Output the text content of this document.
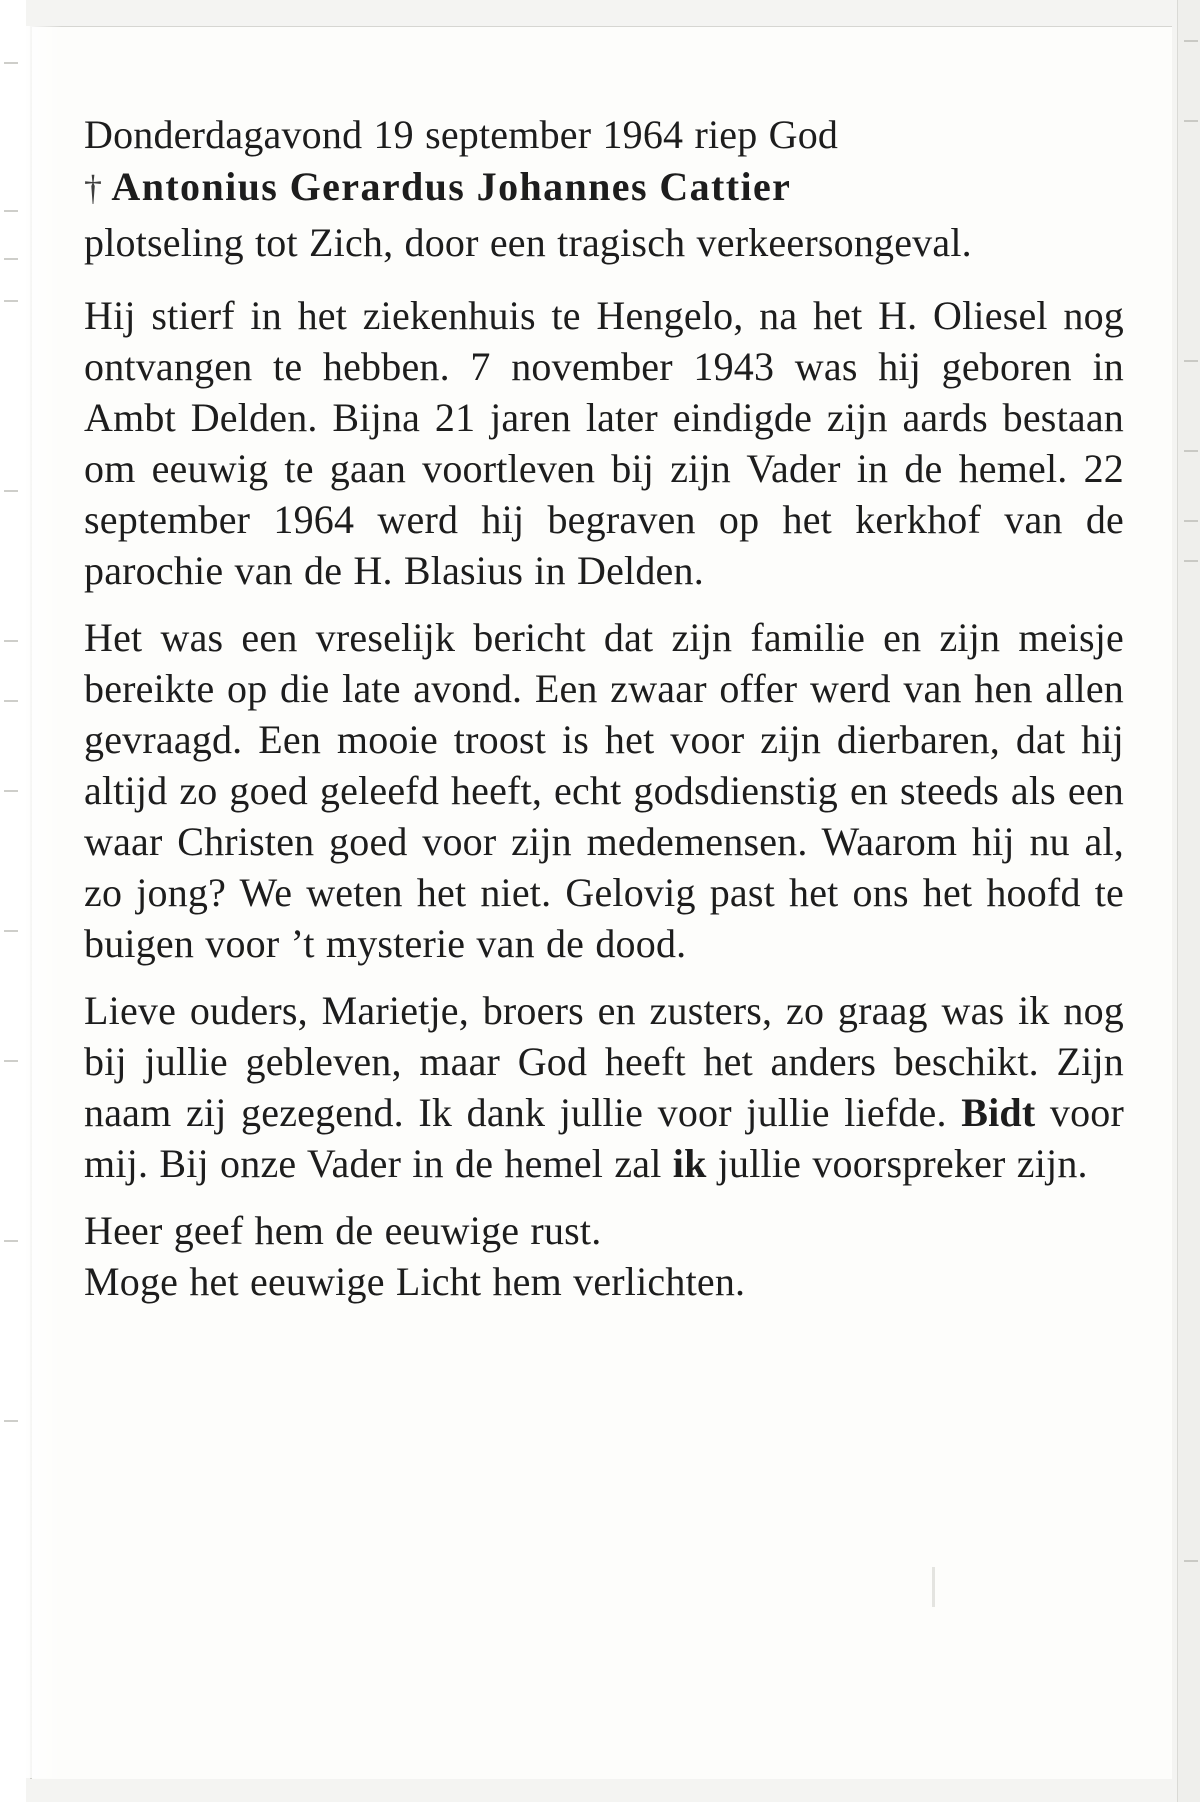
Donderdagavond 19 september 1964 riep God

† Antonius Gerardus Johannes Cattier

plotseling tot Zich, door een tragisch verkeersongeval.

Hij stierf in het ziekenhuis te Hengelo, na het H. Oliesel nog ontvangen te hebben. 7 november 1943 was hij geboren in Ambt Delden. Bijna 21 jaren later eindigde zijn aards bestaan om eeuwig te gaan voortleven bij zijn Vader in de hemel. 22 september 1964 werd hij begraven op het kerkhof van de parochie van de H. Blasius in Delden.

Het was een vreselijk bericht dat zijn familie en zijn meisje bereikte op die late avond. Een zwaar offer werd van hen allen gevraagd. Een mooie troost is het voor zijn dierbaren, dat hij altijd zo goed geleefd heeft, echt godsdienstig en steeds als een waar Christen goed voor zijn medemensen. Waarom hij nu al, zo jong? We weten het niet. Gelovig past het ons het hoofd te buigen voor ’t mysterie van de dood.

Lieve ouders, Marietje, broers en zusters, zo graag was ik nog bij jullie gebleven, maar God heeft het anders beschikt. Zijn naam zij gezegend. Ik dank jullie voor jullie liefde. Bidt voor mij. Bij onze Vader in de hemel zal ik jullie voorspreker zijn.

Heer geef hem de eeuwige rust.

Moge het eeuwige Licht hem verlichten.
